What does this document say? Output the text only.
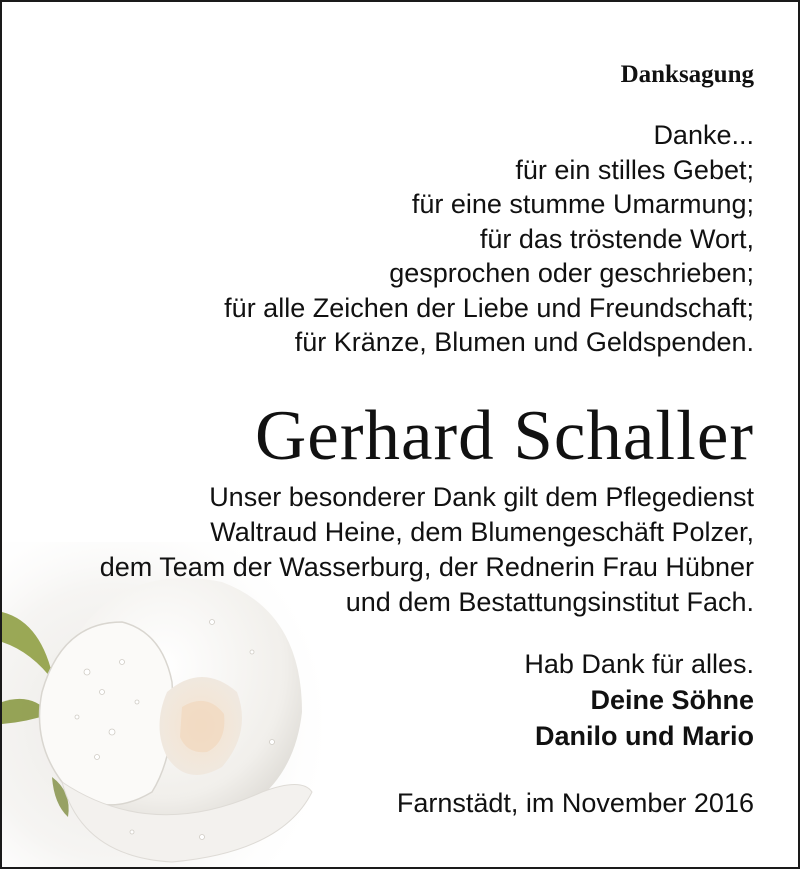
Danksagung
Danke...
für ein stilles Gebet;
für eine stumme Umarmung;
für das tröstende Wort,
gesprochen oder geschrieben;
für alle Zeichen der Liebe und Freundschaft;
für Kränze, Blumen und Geldspenden.
Gerhard Schaller
Unser besonderer Dank gilt dem Pflegedienst
Waltraud Heine, dem Blumengeschäft Polzer,
dem Team der Wasserburg, der Rednerin Frau Hübner
und dem Bestattungsinstitut Fach.
Hab Dank für alles.
Deine Söhne
Danilo und Mario
Farnstädt, im November 2016
